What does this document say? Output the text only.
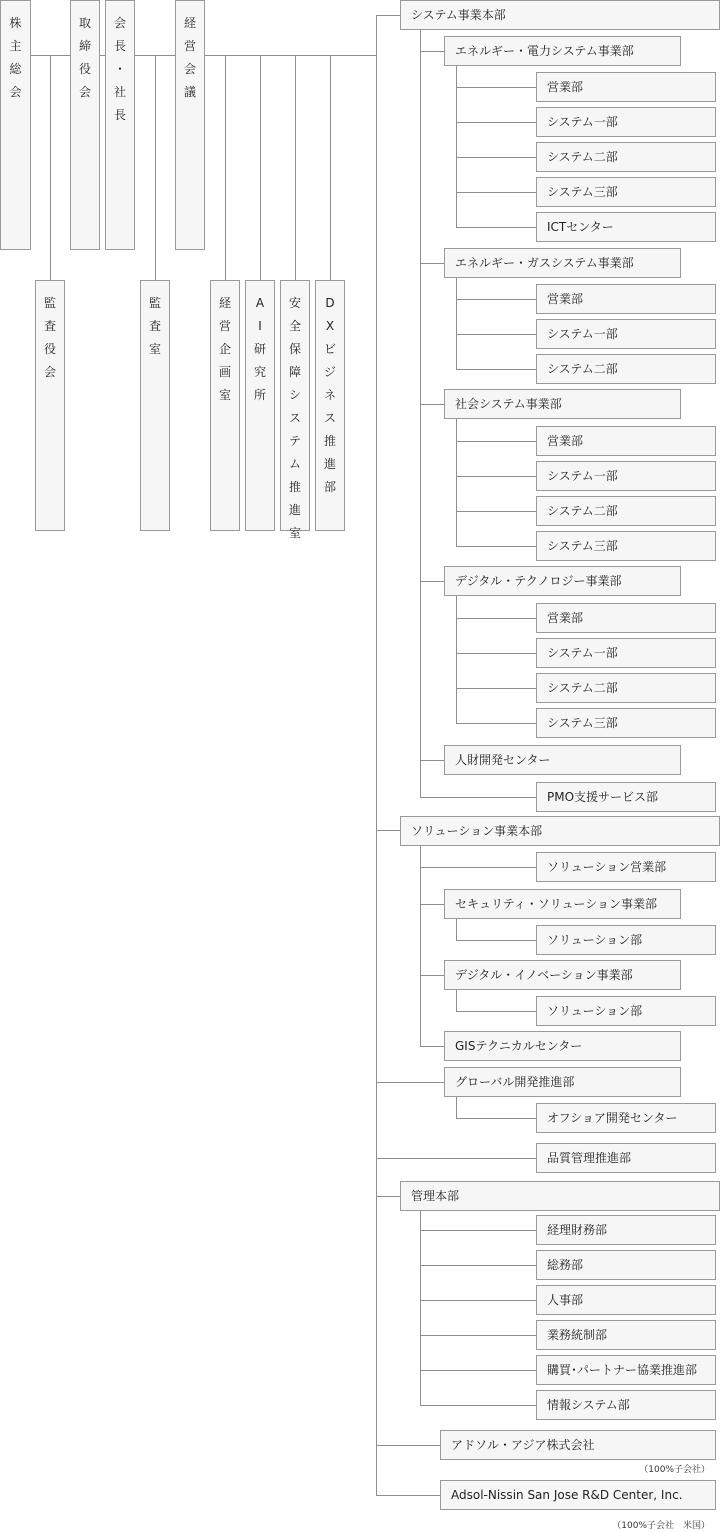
株
主
総
会
取
締
役
会
会
長
・
社
長
経
営
会
議
監
査
役
会
監
査
室
経
営
企
画
室
A
I
研
究
所
安
全
保
障
シ
ス
テ
ム
推
進
室
D
X
ビ
ジ
ネ
ス
推
進
部
システム事業本部
エネルギー・電力システム事業部
営業部
システム一部
システム二部
システム三部
ICTセンター
エネルギー・ガスシステム事業部
営業部
システム一部
システム二部
社会システム事業部
営業部
システム一部
システム二部
システム三部
デジタル・テクノロジー事業部
営業部
システム一部
システム二部
システム三部
人財開発センター
PMO支援サービス部
ソリューション事業本部
ソリューション営業部
セキュリティ・ソリューション事業部
ソリューション部
デジタル・イノベーション事業部
ソリューション部
GISテクニカルセンター
グローバル開発推進部
オフショア開発センター
品質管理推進部
管理本部
経理財務部
総務部
人事部
業務統制部
購買･パートナー協業推進部
情報システム部
アドソル・アジア株式会社
（100%子会社）
Adsol-Nissin San Jose R&D Center, Inc.
（100%子会社　米国）
